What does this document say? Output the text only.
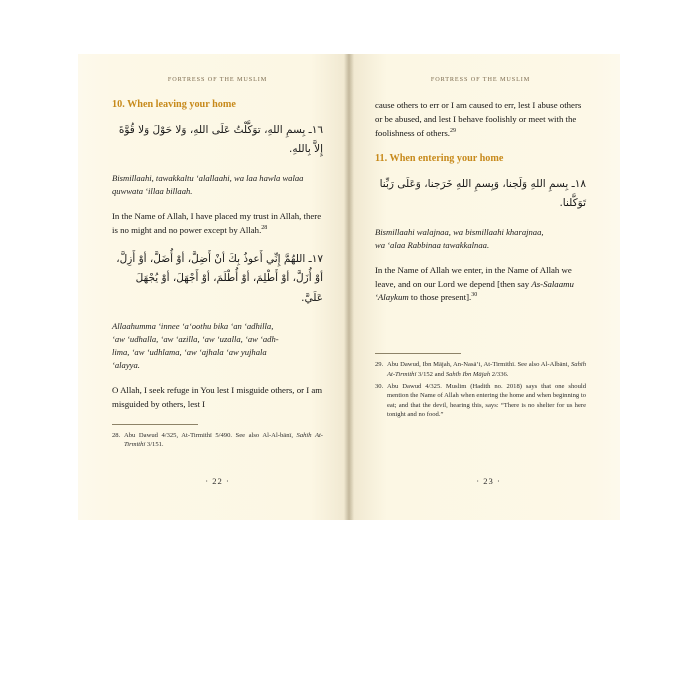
FORTRESS OF THE MUSLIM
10. When leaving your home

١٦ـ بِسمِ اللهِ، توَكَّلْتُ عَلَى اللهِ، وَلا حَوْلَ وَلا قُوَّةَ إِلاَّ بِاللهِ.

Bismillaahi, tawakkaltu ‘alallaahi, wa laa hawla walaa quwwata ‘illaa billaah.

In the Name of Allah, I have placed my trust in Allah, there is no might and no power except by Allah.$^{28}$

١٧ـ اللهُمَّ إِنِّي أَعوذُ بِكَ أنْ أَضِلَّ، أوْ أُضَلَّ، أوْ أَزِلَّ، أوْ أُزَلَّ، أوْ أَطْلِمَ، أوْ أُطْلَمَ، أوْ أَجْهَلَ، أوْ يُجْهَلَ عَلَيَّ.

Allaahumma ‘innee ‘a‘oothu bika ‘an ‘adhilla,
‘aw ‘udhalla, ‘aw ‘azilla, ‘aw ‘uzalla, ‘aw ‘adh-
lima, ‘aw ‘udhlama, ‘aw ‘ajhala ‘aw yujhala
‘alayya.

O Allah, I seek refuge in You lest I misguide others, or I am misguided by others, lest I

28. Abu Dawud 4/325, At-Tirmithī 5/490. See also Al-Al-bānī, Sahīh At-Tirmithī 3/151.
· 22 ·
FORTRESS OF THE MUSLIM

cause others to err or I am caused to err, lest I abuse others or be abused, and lest I behave foolishly or meet with the foolishness of others.$^{29}$

11. When entering your home

١٨ـ بِسمِ اللهِ وَلَجنا، وَبِسمِ اللهِ خَرَجنا، وَعَلَى رَبِّنا تَوَكَّلنا.

Bismillaahi walajnaa, wa bismillaahi kharajnaa,
wa ‘alaa Rabbinaa tawakkalnaa.

In the Name of Allah we enter, in the Name of Allah we leave, and on our Lord we depend [then say As-Salaamu ‘Alaykum to those present].$^{30}$

29. Abu Dawud, Ibn Mājah, An-Nasā’i, At-Tirmithī. See also Al-Albāni, Sahīh At-Tirmithī 3/152 and Sahīh Ibn Mājah 2/336.
30. Abu Dawud 4/325. Muslim (Hadith no. 2018) says that one should mention the Name of Allah when entering the home and when beginning to eat; and that the devil, hearing this, says: “There is no shelter for us here tonight and no food.”
· 23 ·
